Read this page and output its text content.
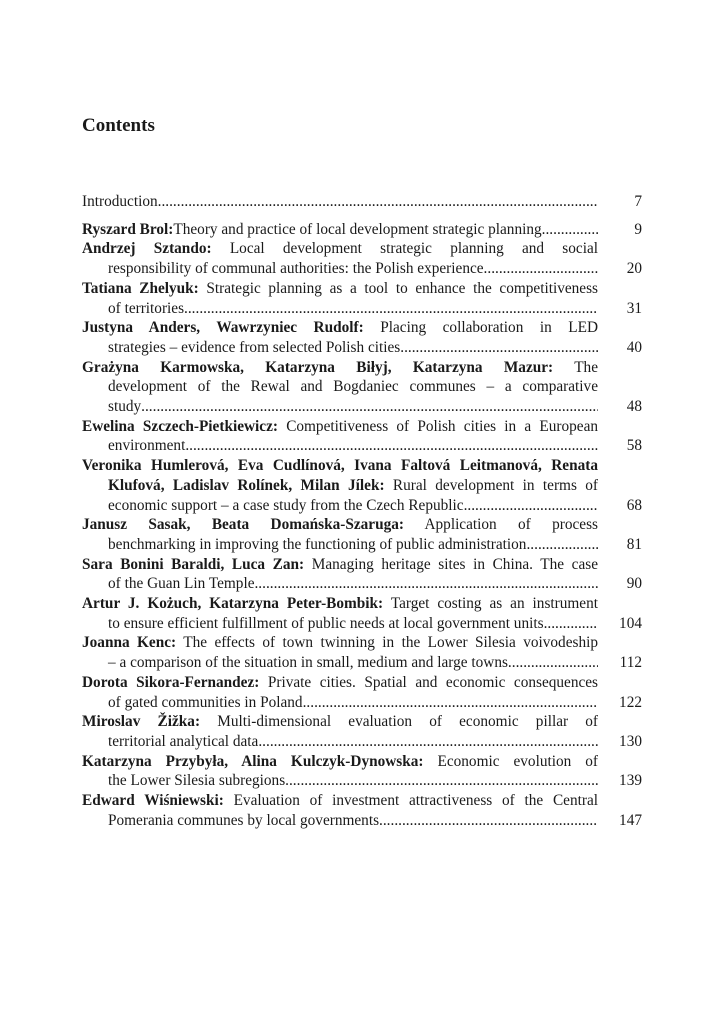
Contents
Introduction .....	7
Ryszard Brol: Theory and practice of local development strategic planning .....	9
Andrzej Sztando: Local development strategic planning and social
responsibility of communal authorities: the Polish experience .....	20
Tatiana Zhelyuk: Strategic planning as a tool to enhance the competitiveness
of territories .....	31
Justyna Anders, Wawrzyniec Rudolf: Placing collaboration in LED
strategies – evidence from selected Polish cities .....	40
Grażyna Karmowska, Katarzyna Biłyj, Katarzyna Mazur: The
development of the Rewal and Bogdaniec communes – a comparative
study .....	48
Ewelina Szczech-Pietkiewicz: Competitiveness of Polish cities in a European
environment .....	58
Veronika Humlerová, Eva Cudlínová, Ivana Faltová Leitmanová, Renata
Klufová, Ladislav Rolínek, Milan Jílek: Rural development in terms of
economic support – a case study from the Czech Republic .....	68
Janusz Sasak, Beata Domańska-Szaruga: Application of process
benchmarking in improving the functioning of public administration .....	81
Sara Bonini Baraldi, Luca Zan: Managing heritage sites in China. The case
of the Guan Lin Temple .....	90
Artur J. Kożuch, Katarzyna Peter-Bombik: Target costing as an instrument
to ensure efficient fulfillment of public needs at local government units .....	104
Joanna Kenc: The effects of town twinning in the Lower Silesia voivodeship
– a comparison of the situation in small, medium and large towns .....	112
Dorota Sikora-Fernandez: Private cities. Spatial and economic consequences
of gated communities in Poland .....	122
Miroslav Žižka: Multi-dimensional evaluation of economic pillar of
territorial analytical data .....	130
Katarzyna Przybyła, Alina Kulczyk-Dynowska: Economic evolution of
the Lower Silesia subregions .....	139
Edward Wiśniewski: Evaluation of investment attractiveness of the Central
Pomerania communes by local governments .....	147
